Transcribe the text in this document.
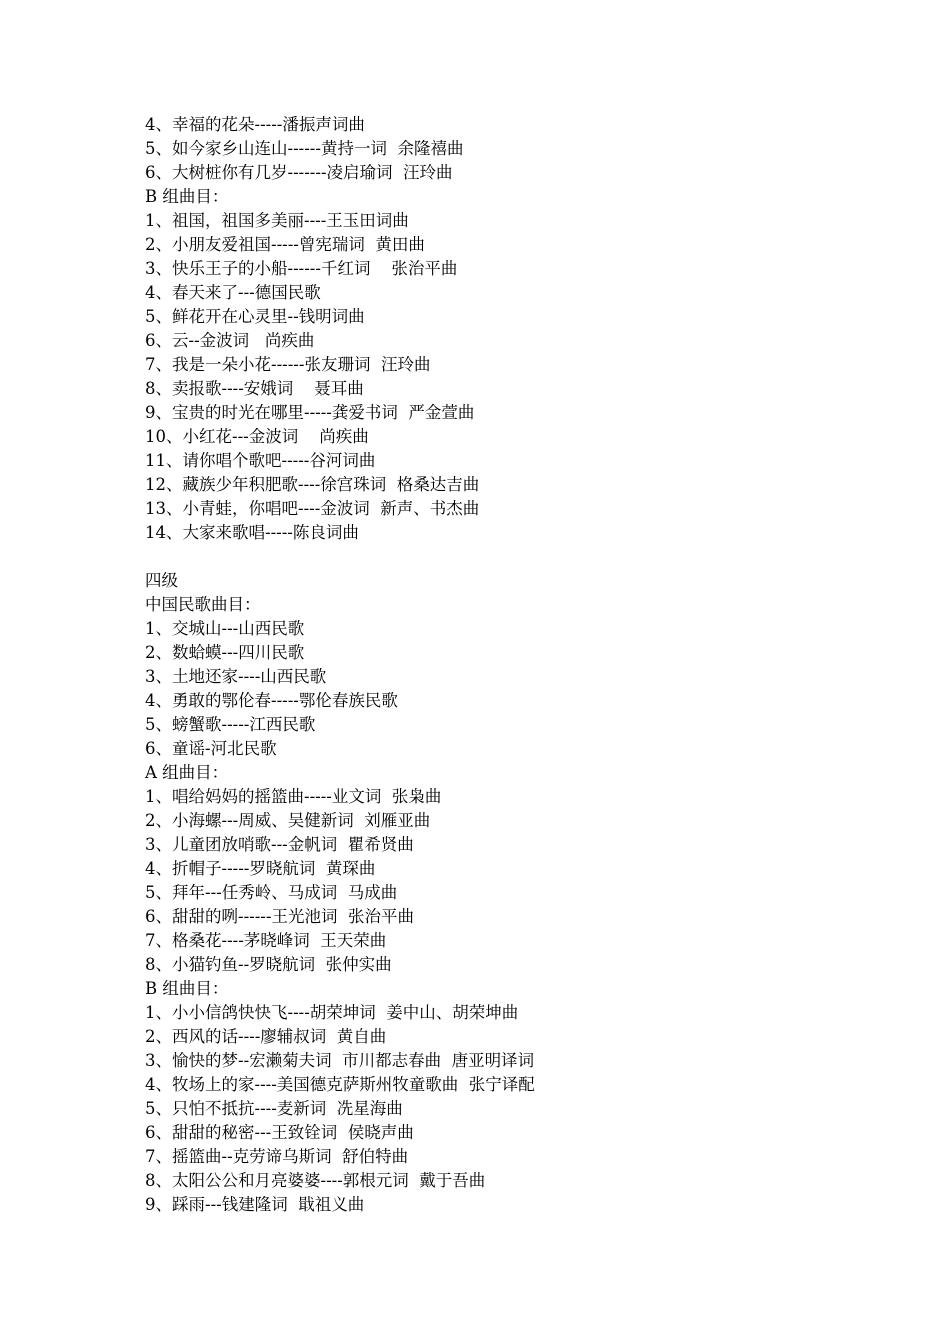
4、幸福的花朵-----潘振声词曲
5、如今家乡山连山------黄持一词  余隆禧曲
6、大树桩你有几岁-------凌启瑜词  汪玲曲
B 组曲目：
1、祖国，祖国多美丽----王玉田词曲
2、小朋友爱祖国-----曾宪瑞词  黄田曲
3、快乐王子的小船------千红词    张治平曲
4、春天来了---德国民歌
5、鲜花开在心灵里--钱明词曲
6、云--金波词   尚疾曲
7、我是一朵小花------张友珊词  汪玲曲
8、卖报歌----安娥词    聂耳曲
9、宝贵的时光在哪里-----龚爱书词  严金萱曲
10、小红花---金波词    尚疾曲
11、请你唱个歌吧-----谷河词曲
12、藏族少年积肥歌----徐宫珠词  格桑达吉曲
13、小青蛙，你唱吧----金波词  新声、书杰曲
14、大家来歌唱-----陈良词曲
四级
中国民歌曲目：
1、交城山---山西民歌
2、数蛤蟆---四川民歌
3、土地还家----山西民歌
4、勇敢的鄂伦春-----鄂伦春族民歌
5、螃蟹歌-----江西民歌
6、童谣-河北民歌
A 组曲目：
1、唱给妈妈的摇篮曲-----业文词  张枭曲
2、小海螺---周威、吴健新词  刘雁亚曲
3、儿童团放哨歌---金帆词  瞿希贤曲
4、折帽子-----罗晓航词  黄琛曲
5、拜年---任秀岭、马成词  马成曲
6、甜甜的咧------王光池词  张治平曲
7、格桑花----茅晓峰词  王天荣曲
8、小猫钓鱼--罗晓航词  张仲实曲
B 组曲目：
1、小小信鸽快快飞----胡荣坤词  姜中山、胡荣坤曲
2、西风的话----廖辅叔词  黄自曲
3、愉快的梦--宏濑菊夫词  市川都志春曲  唐亚明译词
4、牧场上的家----美国德克萨斯州牧童歌曲  张宁译配
5、只怕不抵抗----麦新词  冼星海曲
6、甜甜的秘密---王致铨词  侯晓声曲
7、摇篮曲--克劳谛乌斯词  舒伯特曲
8、太阳公公和月亮婆婆----郭根元词  戴于吾曲
9、踩雨---钱建隆词  戢祖义曲
